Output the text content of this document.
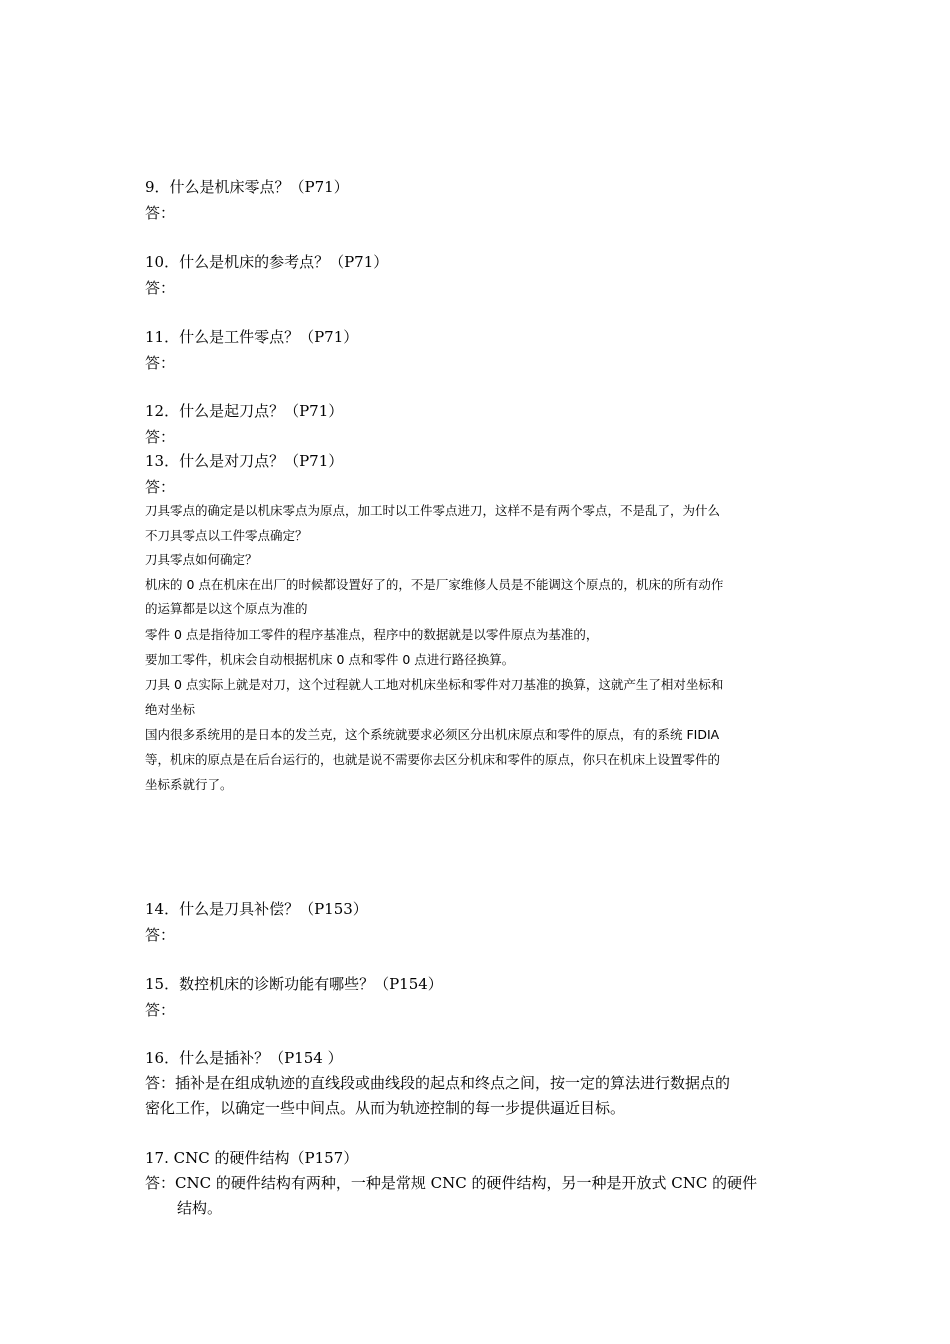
9．什么是机床零点？（P71）
答：
10．什么是机床的参考点？（P71）
答：
11．什么是工件零点？（P71）
答：
12．什么是起刀点？（P71）
答：
13．什么是对刀点？（P71）
答：
刀具零点的确定是以机床零点为原点，加工时以工件零点进刀，这样不是有两个零点，不是乱了，为什么
不刀具零点以工件零点确定？
刀具零点如何确定？
机床的 0 点在机床在出厂的时候都设置好了的，不是厂家维修人员是不能调这个原点的，机床的所有动作
的运算都是以这个原点为准的
零件 0 点是指待加工零件的程序基准点，程序中的数据就是以零件原点为基准的，
要加工零件，机床会自动根据机床 0 点和零件 0 点进行路径换算。
刀具 0 点实际上就是对刀，这个过程就人工地对机床坐标和零件对刀基准的换算，这就产生了相对坐标和
绝对坐标
国内很多系统用的是日本的发兰克，这个系统就要求必须区分出机床原点和零件的原点，有的系统 FIDIA
等，机床的原点是在后台运行的，也就是说不需要你去区分机床和零件的原点，你只在机床上设置零件的
坐标系就行了。
14．什么是刀具补偿？（P153）
答：
15．数控机床的诊断功能有哪些？（P154）
答：
16．什么是插补？（P154 ）
答：插补是在组成轨迹的直线段或曲线段的起点和终点之间，按一定的算法进行数据点的
密化工作，以确定一些中间点。从而为轨迹控制的每一步提供逼近目标。
17. CNC 的硬件结构（P157）
答：CNC 的硬件结构有两种，一种是常规 CNC 的硬件结构，另一种是开放式 CNC 的硬件
结构。
